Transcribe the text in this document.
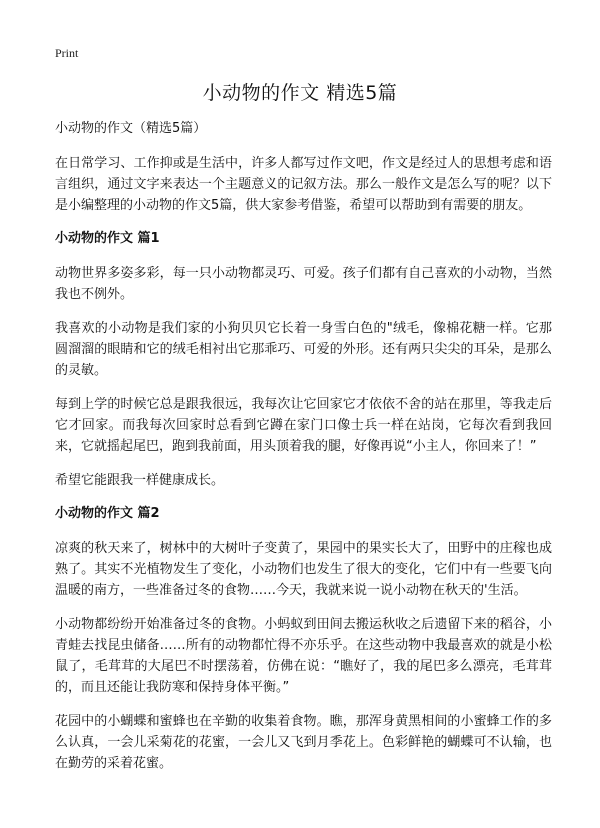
Print
小动物的作文 精选5篇

小动物的作文（精选5篇）

在日常学习、工作抑或是生活中，许多人都写过作文吧，作文是经过人的思想考虑和语言组织，通过文字来表达一个主题意义的记叙方法。那么一般作文是怎么写的呢？以下是小编整理的小动物的作文5篇，供大家参考借鉴，希望可以帮助到有需要的朋友。

小动物的作文 篇1

动物世界多姿多彩，每一只小动物都灵巧、可爱。孩子们都有自己喜欢的小动物，当然我也不例外。

我喜欢的小动物是我们家的小狗贝贝它长着一身雪白色的"绒毛，像棉花糖一样。它那圆溜溜的眼睛和它的绒毛相衬出它那乖巧、可爱的外形。还有两只尖尖的耳朵，是那么的灵敏。

每到上学的时候它总是跟我很远，我每次让它回家它才依依不舍的站在那里，等我走后它才回家。而我每次回家时总看到它蹲在家门口像士兵一样在站岗，它每次看到我回来，它就摇起尾巴，跑到我前面，用头顶着我的腿，好像再说“小主人，你回来了！”

希望它能跟我一样健康成长。

小动物的作文 篇2

凉爽的秋天来了，树林中的大树叶子变黄了，果园中的果实长大了，田野中的庄稼也成熟了。其实不光植物发生了变化，小动物们也发生了很大的变化，它们中有一些要飞向温暖的南方，一些准备过冬的食物……今天，我就来说一说小动物在秋天的'生活。

小动物都纷纷开始准备过冬的食物。小蚂蚁到田间去搬运秋收之后遗留下来的稻谷，小青蛙去找昆虫储备……所有的动物都忙得不亦乐乎。在这些动物中我最喜欢的就是小松鼠了，毛茸茸的大尾巴不时摆荡着，仿佛在说：“瞧好了，我的尾巴多么漂亮，毛茸茸的，而且还能让我防寒和保持身体平衡。”

花园中的小蝴蝶和蜜蜂也在辛勤的收集着食物。瞧，那浑身黄黑相间的小蜜蜂工作的多么认真，一会儿采菊花的花蜜，一会儿又飞到月季花上。色彩鲜艳的蝴蝶可不认输，也在勤劳的采着花蜜。
